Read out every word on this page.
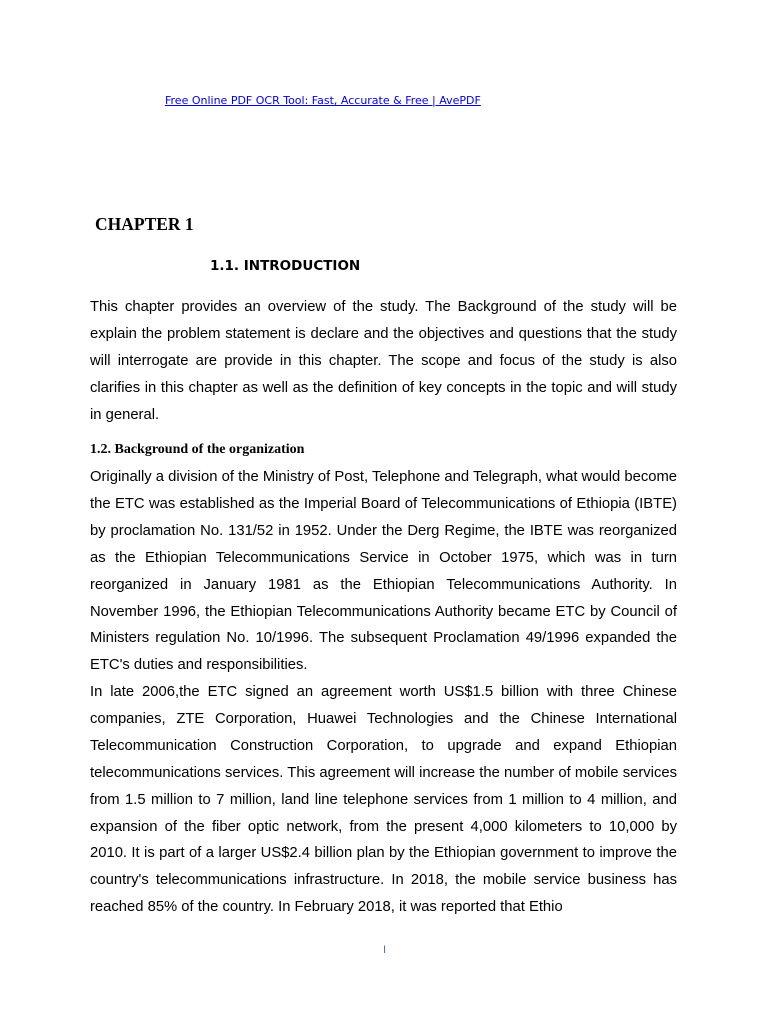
Free Online PDF OCR Tool: Fast, Accurate & Free | AvePDF
CHAPTER 1
1.1. INTRODUCTION

This chapter provides an overview of the study. The Background of the study will be explain the problem statement is declare and the objectives and questions that the study will interrogate are provide in this chapter. The scope and focus of the study is also clarifies in this chapter as well as the definition of key concepts in the topic and will study in general.

1.2. Background of the organization

Originally a division of the Ministry of Post, Telephone and Telegraph, what would become the ETC was established as the Imperial Board of Telecommunications of Ethiopia (IBTE) by proclamation No. 131/52 in 1952. Under the Derg Regime, the IBTE was reorganized as the Ethiopian Telecommunications Service in October 1975, which was in turn reorganized in January 1981 as the Ethiopian Telecommunications Authority. In November 1996, the Ethiopian Telecommunications Authority became ETC by Council of Ministers regulation No. 10/1996. The subsequent Proclamation 49/1996 expanded the ETC's duties and responsibilities.

In late 2006,the ETC signed an agreement worth US$1.5 billion with three Chinese companies, ZTE Corporation, Huawei Technologies and the Chinese International Telecommunication Construction Corporation, to upgrade and expand Ethiopian telecommunications services. This agreement will increase the number of mobile services from 1.5 million to 7 million, land line telephone services from 1 million to 4 million, and expansion of the fiber optic network, from the present 4,000 kilometers to 10,000 by 2010. It is part of a larger US$2.4 billion plan by the Ethiopian government to improve the country's telecommunications infrastructure. In 2018, the mobile service business has reached 85% of the country. In February 2018, it was reported that Ethio

I
